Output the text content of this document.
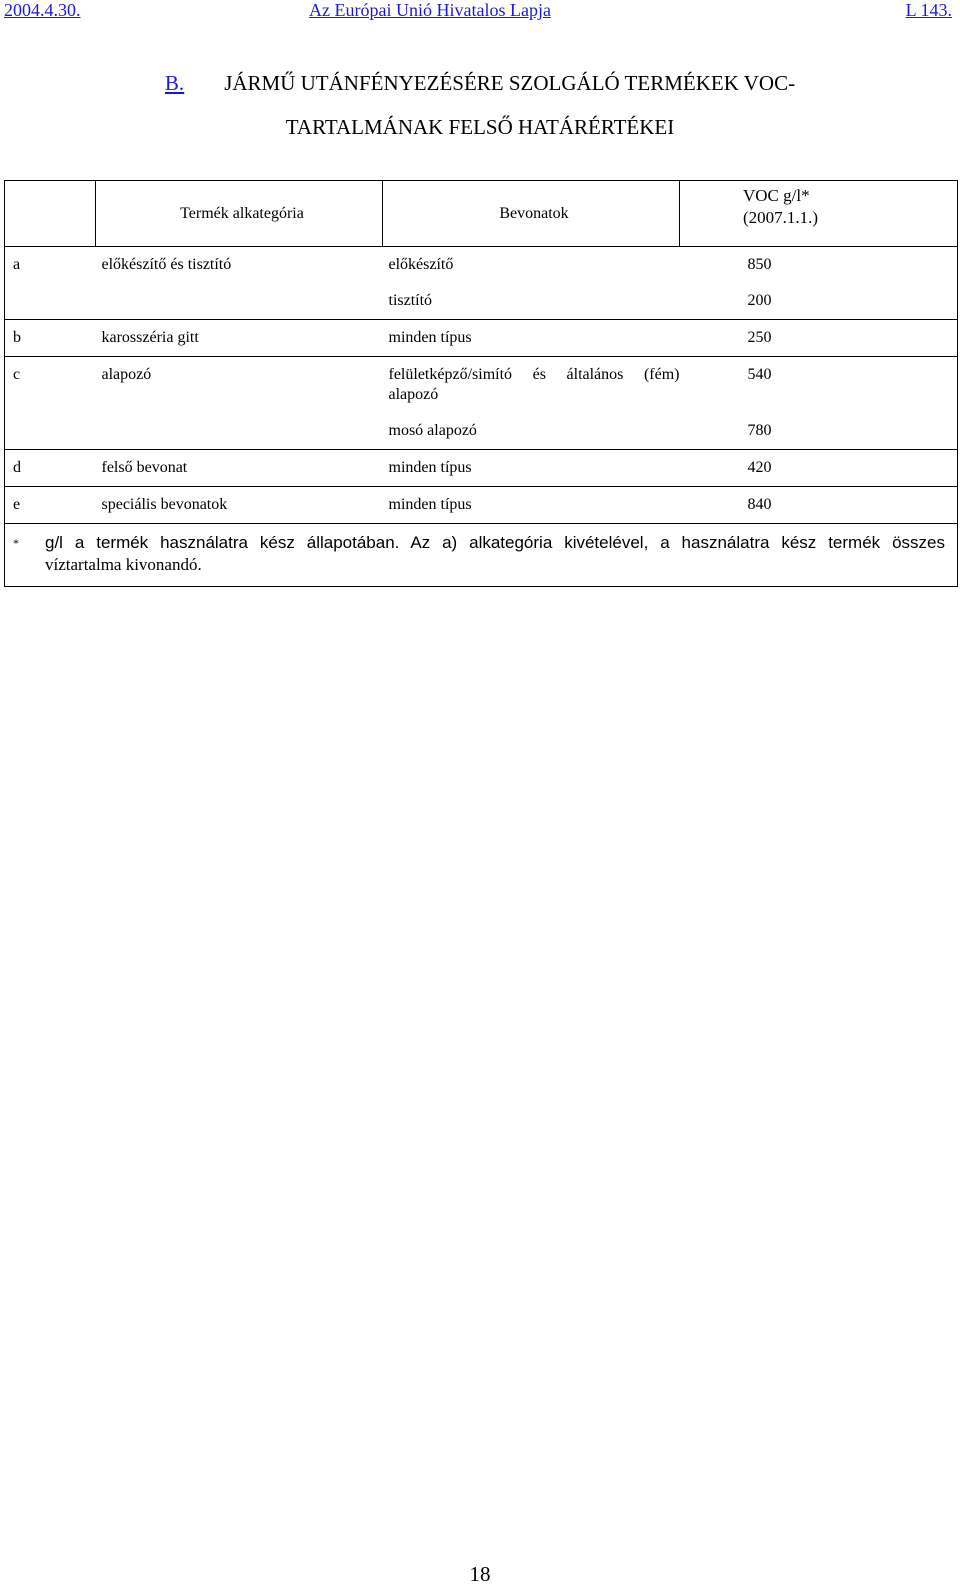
2004.4.30.	Az Európai Unió Hivatalos Lapja	L 143.
B. JÁRMŰ UTÁNFÉNYEZÉSÉRE SZOLGÁLÓ TERMÉKEK VOC-
TARTALMÁNAK FELSŐ HATÁRÉRTÉKEI
	Termék alkategória	Bevonatok	VOC g/l*
(2007.1.1.)

a	előkészítő és tisztító	előkészítő	850
		tisztító	200
b	karosszéria gitt	minden típus	250
c	alapozó	felületképző/simító és általános (fém) alapozó	540
		mosó alapozó	780
d	felső bevonat	minden típus	420
e	speciális bevonatok	minden típus	840
* g/l a termék használatra kész állapotában. Az a) alkategória kivételével, a használatra kész termék összes
víztartalma kivonandó.			
18
